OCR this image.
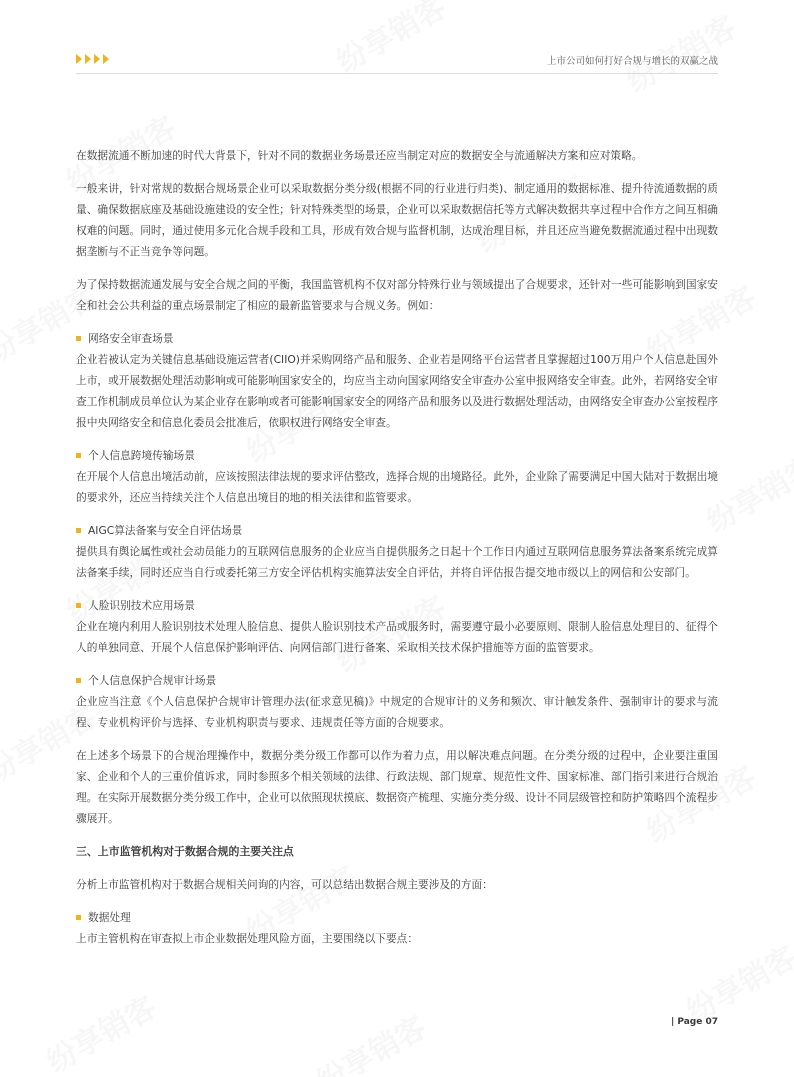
上市公司如何打好合规与增长的双赢之战

在数据流通不断加速的时代大背景下，针对不同的数据业务场景还应当制定对应的数据安全与流通解决方案和应对策略。

一般来讲，针对常规的数据合规场景企业可以采取数据分类分级(根据不同的行业进行归类)、制定通用的数据标准、提升待流通数据的质量、确保数据底座及基础设施建设的安全性；针对特殊类型的场景，企业可以采取数据信托等方式解决数据共享过程中合作方之间互相确权难的问题。同时，通过使用多元化合规手段和工具，形成有效合规与监督机制，达成治理目标，并且还应当避免数据流通过程中出现数据垄断与不正当竞争等问题。

为了保持数据流通发展与安全合规之间的平衡，我国监管机构不仅对部分特殊行业与领域提出了合规要求，还针对一些可能影响到国家安全和社会公共利益的重点场景制定了相应的最新监管要求与合规义务。例如：

网络安全审查场景

企业若被认定为关键信息基础设施运营者(CIIO)并采购网络产品和服务、企业若是网络平台运营者且掌握超过100万用户个人信息赴国外上市，或开展数据处理活动影响或可能影响国家安全的，均应当主动向国家网络安全审查办公室申报网络安全审查。此外，若网络安全审查工作机制成员单位认为某企业存在影响或者可能影响国家安全的网络产品和服务以及进行数据处理活动，由网络安全审查办公室按程序报中央网络安全和信息化委员会批准后，依职权进行网络安全审查。

个人信息跨境传输场景

在开展个人信息出境活动前，应该按照法律法规的要求评估整改，选择合规的出境路径。此外，企业除了需要满足中国大陆对于数据出境的要求外，还应当持续关注个人信息出境目的地的相关法律和监管要求。

AIGC算法备案与安全自评估场景

提供具有舆论属性或社会动员能力的互联网信息服务的企业应当自提供服务之日起十个工作日内通过互联网信息服务算法备案系统完成算法备案手续，同时还应当自行或委托第三方安全评估机构实施算法安全自评估，并将自评估报告提交地市级以上的网信和公安部门。

人脸识别技术应用场景

企业在境内利用人脸识别技术处理人脸信息、提供人脸识别技术产品或服务时，需要遵守最小必要原则、限制人脸信息处理目的、征得个人的单独同意、开展个人信息保护影响评估、向网信部门进行备案、采取相关技术保护措施等方面的监管要求。

个人信息保护合规审计场景

企业应当注意《个人信息保护合规审计管理办法(征求意见稿)》中规定的合规审计的义务和频次、审计触发条件、强制审计的要求与流程、专业机构评价与选择、专业机构职责与要求、违规责任等方面的合规要求。

在上述多个场景下的合规治理操作中，数据分类分级工作都可以作为着力点，用以解决难点问题。在分类分级的过程中，企业要注重国家、企业和个人的三重价值诉求，同时参照多个相关领域的法律、行政法规、部门规章、规范性文件、国家标准、部门指引来进行合规治理。在实际开展数据分类分级工作中，企业可以依照现状摸底、数据资产梳理、实施分类分级、设计不同层级管控和防护策略四个流程步骤展开。

三、上市监管机构对于数据合规的主要关注点

分析上市监管机构对于数据合规相关问询的内容，可以总结出数据合规主要涉及的方面：

数据处理

上市主管机构在审查拟上市企业数据处理风险方面，主要围绕以下要点：

| Page 07
